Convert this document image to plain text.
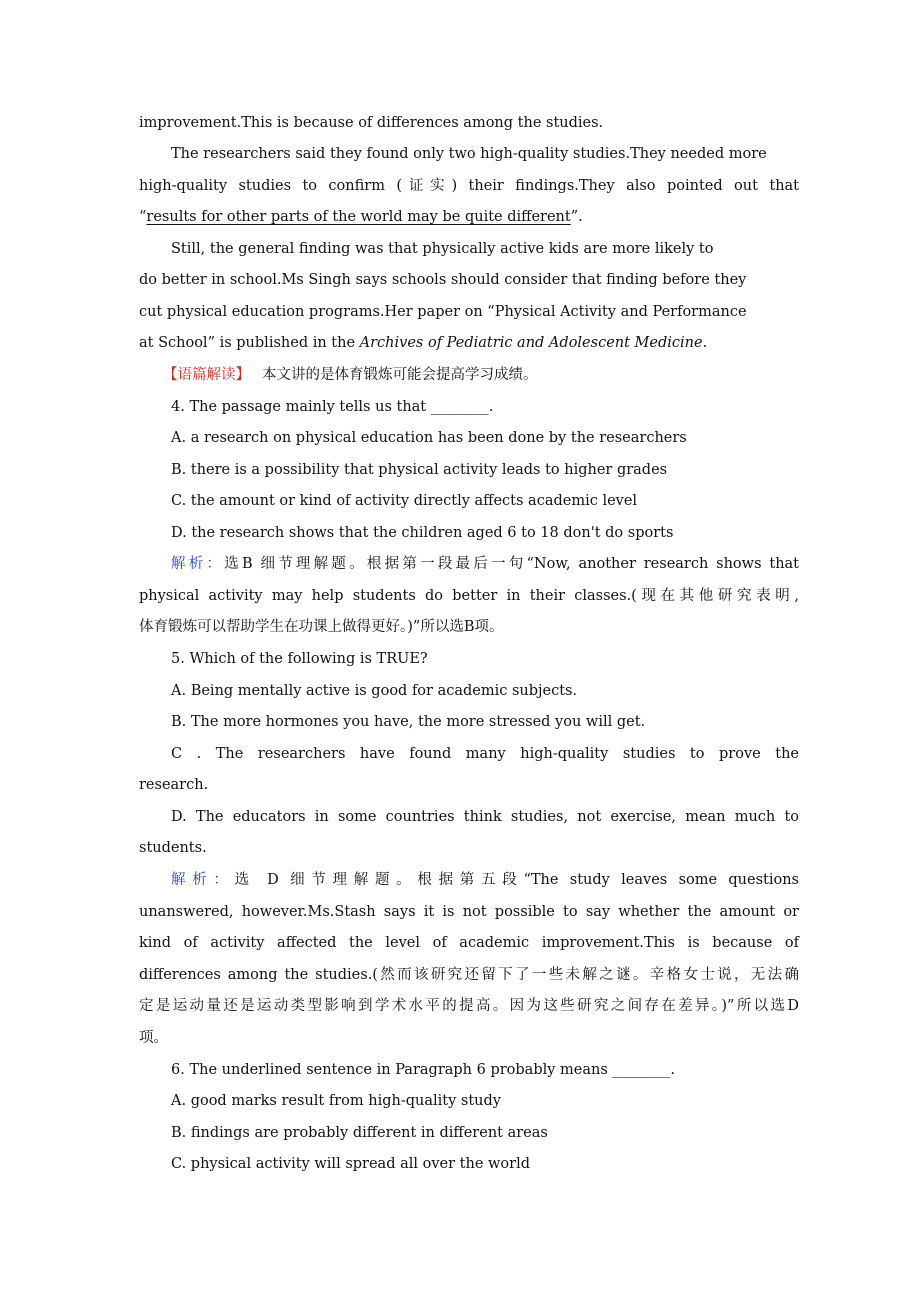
improvement.This is because of differences among the studies.
The researchers said they found only two high-quality studies.They needed more
high-quality studies to confirm (证实) their findings.They also pointed out that
“results for other parts of the world may be quite different”.
Still, the general finding was that physically active kids are more likely to
do better in school.Ms Singh says schools should consider that finding before they
cut physical education programs.Her paper on “Physical Activity and Performance
at School” is published in the Archives of Pediatric and Adolescent Medicine.
【语篇解读】 本文讲的是体育锻炼可能会提高学习成绩。
4. The passage mainly tells us that ________.
A. a research on physical education has been done by the researchers
B. there is a possibility that physical activity leads to higher grades
C. the amount or kind of activity directly affects academic level
D. the research shows that the children aged 6 to 18 don't do sports
解析：选B 细节理解题。根据第一段最后一句“Now, another research shows that
physical activity may help students do better in their classes.(现在其他研究表明,
体育锻炼可以帮助学生在功课上做得更好。)”所以选B项。
5. Which of the following is TRUE?
A. Being mentally active is good for academic subjects.
B. The more hormones you have, the more stressed you will get.
C . The researchers have found many high-quality studies to prove the
research.
D. The educators in some countries think studies, not exercise, mean much to
students.
解析：选 D 细节理解题。根据第五段“The study leaves some questions
unanswered, however.Ms.Stash says it is not possible to say whether the amount or
kind of activity affected the level of academic improvement.This is because of
differences among the studies.(然而该研究还留下了一些未解之谜。辛格女士说，无法确
定是运动量还是运动类型影响到学术水平的提高。因为这些研究之间存在差异。)”所以选D
项。
6. The underlined sentence in Paragraph 6 probably means ________.
A. good marks result from high-quality study
B. findings are probably different in different areas
C. physical activity will spread all over the world
